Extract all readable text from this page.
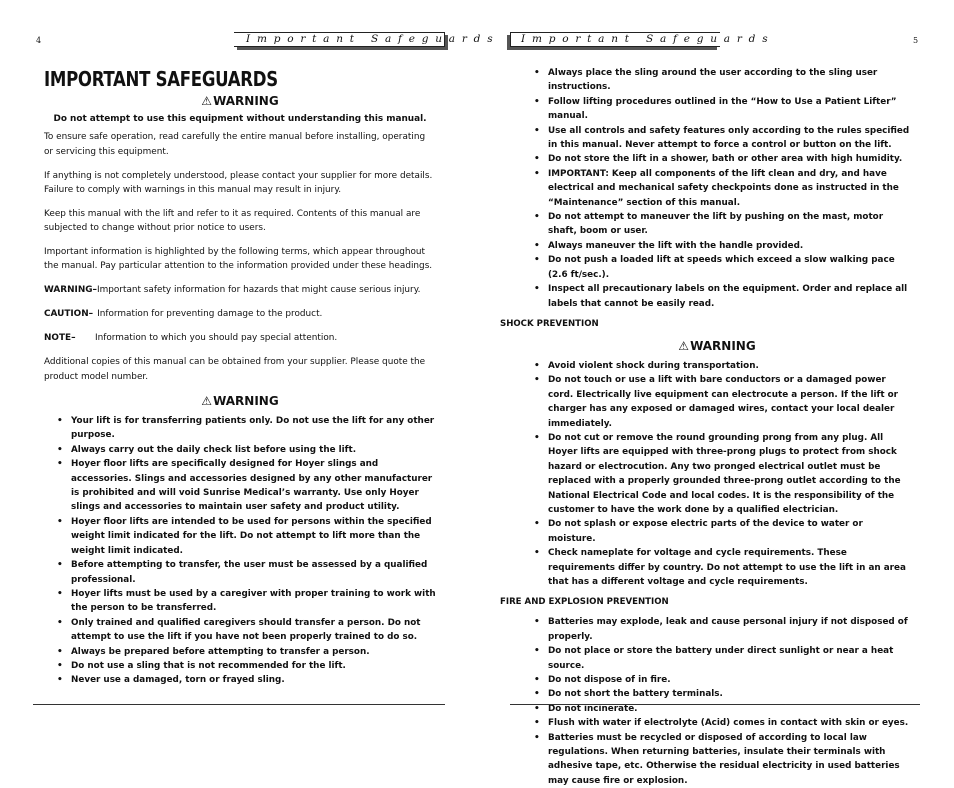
4	Important Safeguards
IMPORTANT SAFEGUARDS
⚠WARNING

Do not attempt to use this equipment without understanding this manual.

To ensure safe operation, read carefully the entire manual before installing, operating or servicing this equipment.

If anything is not completely understood, please contact your supplier for more details. Failure to comply with warnings in this manual may result in injury.

Keep this manual with the lift and refer to it as required. Contents of this manual are subjected to change without prior notice to users.

Important information is highlighted by the following terms, which appear throughout the manual. Pay particular attention to the information provided under these headings.

WARNING– Important safety information for hazards that might cause serious injury.
CAUTION– Information for preventing damage to the product.
NOTE–	Information to which you should pay special attention.

Additional copies of this manual can be obtained from your supplier. Please quote the product model number.

⚠WARNING
• Your lift is for transferring patients only. Do not use the lift for any other purpose.
• Always carry out the daily check list before using the lift.
• Hoyer floor lifts are specifically designed for Hoyer slings and accessories. Slings and accessories designed by any other manufacturer is prohibited and will void Sunrise Medical’s warranty. Use only Hoyer slings and accessories to maintain user safety and product utility.
• Hoyer floor lifts are intended to be used for persons within the specified weight limit indicated for the lift. Do not attempt to lift more than the weight limit indicated.
• Before attempting to transfer, the user must be assessed by a qualified professional.
• Hoyer lifts must be used by a caregiver with proper training to work with the person to be transferred.
• Only trained and qualified caregivers should transfer a person. Do not attempt to use the lift if you have not been properly trained to do so.
• Always be prepared before attempting to transfer a person.
• Do not use a sling that is not recommended for the lift.
• Never use a damaged, torn or frayed sling.
Important Safeguards	5
• Always place the sling around the user according to the sling user instructions.
• Follow lifting procedures outlined in the “How to Use a Patient Lifter” manual.
• Use all controls and safety features only according to the rules specified in this manual. Never attempt to force a control or button on the lift.
• Do not store the lift in a shower, bath or other area with high humidity.
• IMPORTANT: Keep all components of the lift clean and dry, and have electrical and mechanical safety checkpoints done as instructed in the “Maintenance” section of this manual.
• Do not attempt to maneuver the lift by pushing on the mast, motor shaft, boom or user.
• Always maneuver the lift with the handle provided.
• Do not push a loaded lift at speeds which exceed a slow walking pace (2.6 ft/sec.).
• Inspect all precautionary labels on the equipment. Order and replace all labels that cannot be easily read.
SHOCK PREVENTION
⚠WARNING
• Avoid violent shock during transportation.
• Do not touch or use a lift with bare conductors or a damaged power cord. Electrically live equipment can electrocute a person. If the lift or charger has any exposed or damaged wires, contact your local dealer immediately.
• Do not cut or remove the round grounding prong from any plug. All Hoyer lifts are equipped with three-prong plugs to protect from shock hazard or electrocution. Any two pronged electrical outlet must be replaced with a properly grounded three-prong outlet according to the National Electrical Code and local codes. It is the responsibility of the customer to have the work done by a qualified electrician.
• Do not splash or expose electric parts of the device to water or moisture.
• Check nameplate for voltage and cycle requirements. These requirements differ by country. Do not attempt to use the lift in an area that has a different voltage and cycle requirements.
FIRE AND EXPLOSION PREVENTION
• Batteries may explode, leak and cause personal injury if not disposed of properly.
• Do not place or store the battery under direct sunlight or near a heat source.
• Do not dispose of in fire.
• Do not short the battery terminals.
• Do not incinerate.
• Flush with water if electrolyte (Acid) comes in contact with skin or eyes.
• Batteries must be recycled or disposed of according to local law regulations. When returning batteries, insulate their terminals with adhesive tape, etc. Otherwise the residual electricity in used batteries may cause fire or explosion.
